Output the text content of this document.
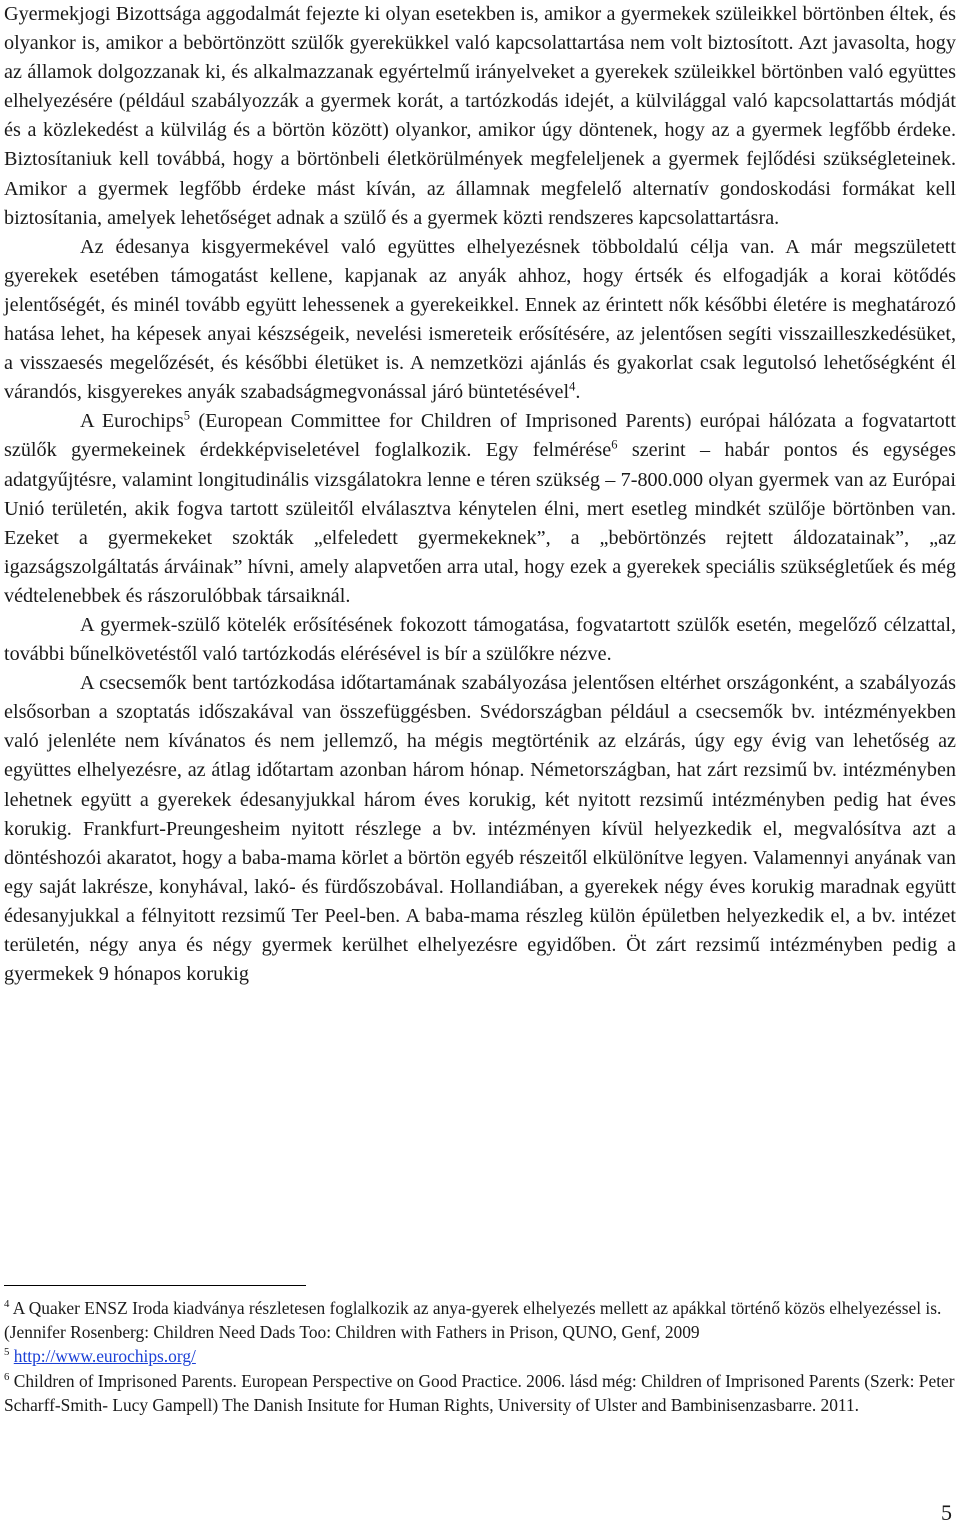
Gyermekjogi Bizottsága aggodalmát fejezte ki olyan esetekben is, amikor a gyermekek szüleikkel börtönben éltek, és olyankor is, amikor a bebörtönzött szülők gyerekükkel való kapcsolattartása nem volt biztosított. Azt javasolta, hogy az államok dolgozzanak ki, és alkalmazzanak egyértelmű irányelveket a gyerekek szüleikkel börtönben való együttes elhelyezésére (például szabályozzák a gyermek korát, a tartózkodás idejét, a külvilággal való kapcsolattartás módját és a közlekedést a külvilág és a börtön között) olyankor, amikor úgy döntenek, hogy az a gyermek legfőbb érdeke. Biztosítaniuk kell továbbá, hogy a börtönbeli életkörülmények megfeleljenek a gyermek fejlődési szükségleteinek. Amikor a gyermek legfőbb érdeke mást kíván, az államnak megfelelő alternatív gondoskodási formákat kell biztosítania, amelyek lehetőséget adnak a szülő és a gyermek közti rendszeres kapcsolattartásra.

Az édesanya kisgyermekével való együttes elhelyezésnek többoldalú célja van. A már megszületett gyerekek esetében támogatást kellene, kapjanak az anyák ahhoz, hogy értsék és elfogadják a korai kötődés jelentőségét, és minél tovább együtt lehessenek a gyerekeikkel. Ennek az érintett nők későbbi életére is meghatározó hatása lehet, ha képesek anyai készségeik, nevelési ismereteik erősítésére, az jelentősen segíti visszailleszkedésüket, a visszaesés megelőzését, és későbbi életüket is. A nemzetközi ajánlás és gyakorlat csak legutolsó lehetőségként él várandós, kisgyerekes anyák szabadságmegvonással járó büntetésével$^4$.

A Eurochips$^5$ (European Committee for Children of Imprisoned Parents) európai hálózata a fogvatartott szülők gyermekeinek érdekképviseletével foglalkozik. Egy felmérése$^6$ szerint – habár pontos és egységes adatgyűjtésre, valamint longitudinális vizsgálatokra lenne e téren szükség – 7-800.000 olyan gyermek van az Európai Unió területén, akik fogva tartott szüleitől elválasztva kénytelen élni, mert esetleg mindkét szülője börtönben van. Ezeket a gyermekeket szokták „elfeledett gyermekeknek”, a „bebörtönzés rejtett áldozatainak”, „az igazságszolgáltatás árváinak” hívni, amely alapvetően arra utal, hogy ezek a gyerekek speciális szükségletűek és még védtelenebbek és rászorulóbbak társaiknál.

A gyermek-szülő kötelék erősítésének fokozott támogatása, fogvatartott szülők esetén, megelőző célzattal, további bűnelkövetéstől való tartózkodás elérésével is bír a szülőkre nézve.

A csecsemők bent tartózkodása időtartamának szabályozása jelentősen eltérhet országonként, a szabályozás elsősorban a szoptatás időszakával van összefüggésben. Svédországban például a csecsemők bv. intézményekben való jelenléte nem kívánatos és nem jellemző, ha mégis megtörténik az elzárás, úgy egy évig van lehetőség az együttes elhelyezésre, az átlag időtartam azonban három hónap. Németországban, hat zárt rezsimű bv. intézményben lehetnek együtt a gyerekek édesanyjukkal három éves korukig, két nyitott rezsimű intézményben pedig hat éves korukig. Frankfurt-Preungesheim nyitott részlege a bv. intézményen kívül helyezkedik el, megvalósítva azt a döntéshozói akaratot, hogy a baba-mama körlet a börtön egyéb részeitől elkülönítve legyen. Valamennyi anyának van egy saját lakrésze, konyhával, lakó- és fürdőszobával. Hollandiában, a gyerekek négy éves korukig maradnak együtt édesanyjukkal a félnyitott rezsimű Ter Peel-ben. A baba-mama részleg külön épületben helyezkedik el, a bv. intézet területén, négy anya és négy gyermek kerülhet elhelyezésre egyidőben. Öt zárt rezsimű intézményben pedig a gyermekek 9 hónapos korukig

$^4$ A Quaker ENSZ Iroda kiadványa részletesen foglalkozik az anya-gyerek elhelyezés mellett az apákkal történő közös elhelyezéssel is. (Jennifer Rosenberg: Children Need Dads Too: Children with Fathers in Prison, QUNO, Genf, 2009

$^5$ http://www.eurochips.org/

$^6$ Children of Imprisoned Parents. European Perspective on Good Practice. 2006. lásd még: Children of Imprisoned Parents (Szerk: Peter Scharff-Smith- Lucy Gampell) The Danish Insitute for Human Rights, University of Ulster and Bambinisenzasbarre. 2011.

5
